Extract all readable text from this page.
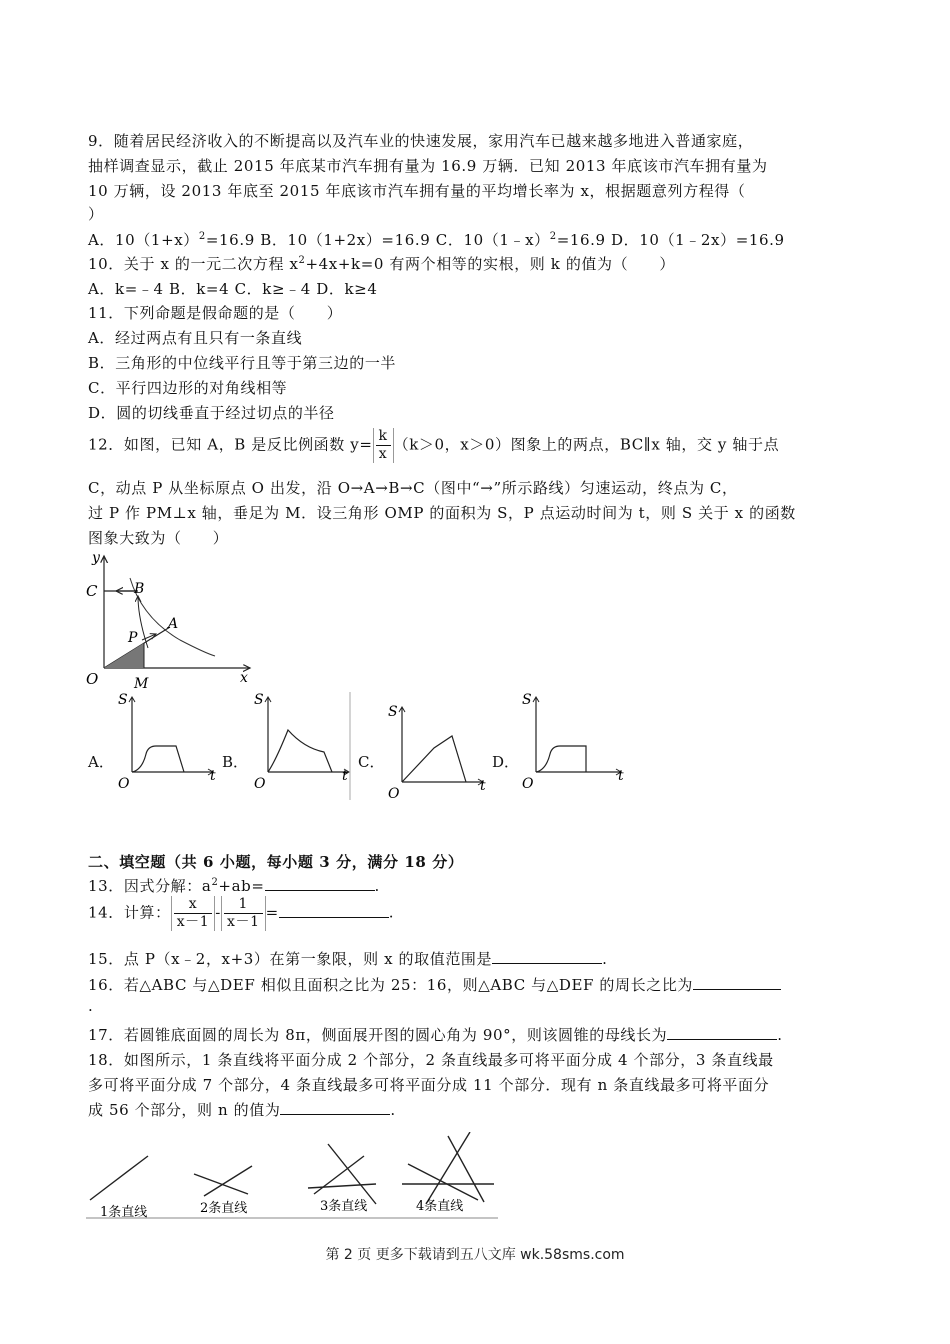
9．随着居民经济收入的不断提高以及汽车业的快速发展，家用汽车已越来越多地进入普通家庭，
抽样调查显示，截止 2015 年底某市汽车拥有量为 16.9 万辆．已知 2013 年底该市汽车拥有量为
10 万辆，设 2013 年底至 2015 年底该市汽车拥有量的平均增长率为 x，根据题意列方程得（
）
A．$10(1+x)^2=16.9$ B．10（1+2x）=16.9 C．10（1﹣x）$^2$=16.9 D．10（1﹣2x）=16.9
10．关于 x 的一元二次方程 $x^2+4x+k=0$ 有两个相等的实根，则 k 的值为（　　）
A．k=﹣4 B．k=4 C．k≥﹣4 D．k≥4
11．下列命题是假命题的是（　　）
A．经过两点有且只有一条直线
B．三角形的中位线平行且等于第三边的一半
C．平行四边形的对角线相等
D．圆的切线垂直于经过切点的半径
12．如图，已知 A，B 是反比例函数 $y= \frac{k}{x} (k>0$，x＞0）图象上的两点，BC∥x 轴，交 y 轴于点
C，动点 P 从坐标原点 O 出发，沿 O→A→B→C（图中“→”所示路线）匀速运动，终点为 C，
过 P 作 PM⊥x 轴，垂足为 M．设三角形 OMP 的面积为 S，P 点运动时间为 t，则 S 关于 x 的函数
图象大致为（　　）
y
x
C	B
A
P
O	M
A．	B．	C．	D．
S
t
O
S
t
O
S
t
O
S
t
O
二、填空题（共 6 小题，每小题 3 分，满分 18 分）
13．因式分解：$a^2+ab=$	.
14．计算： $\frac{x}{x-1} - \frac{1}{x-1}$ =	.
15．点 P（x﹣2，x+3）在第一象限，则 x 的取值范围是	.
16．若△ABC 与△DEF 相似且面积之比为 25：16，则△ABC 与△DEF 的周长之比为
.
17．若圆锥底面圆的周长为 8π，侧面展开图的圆心角为 90°，则该圆锥的母线长为	.
18．如图所示，1 条直线将平面分成 2 个部分，2 条直线最多可将平面分成 4 个部分，3 条直线最
多可将平面分成 7 个部分，4 条直线最多可将平面分成 11 个部分．现有 n 条直线最多可将平面分
成 56 个部分，则 n 的值为	.
1条直线	2条直线	3条直线	4条直线
第 2 页 更多下载请到五八文库 wk.58sms.com
